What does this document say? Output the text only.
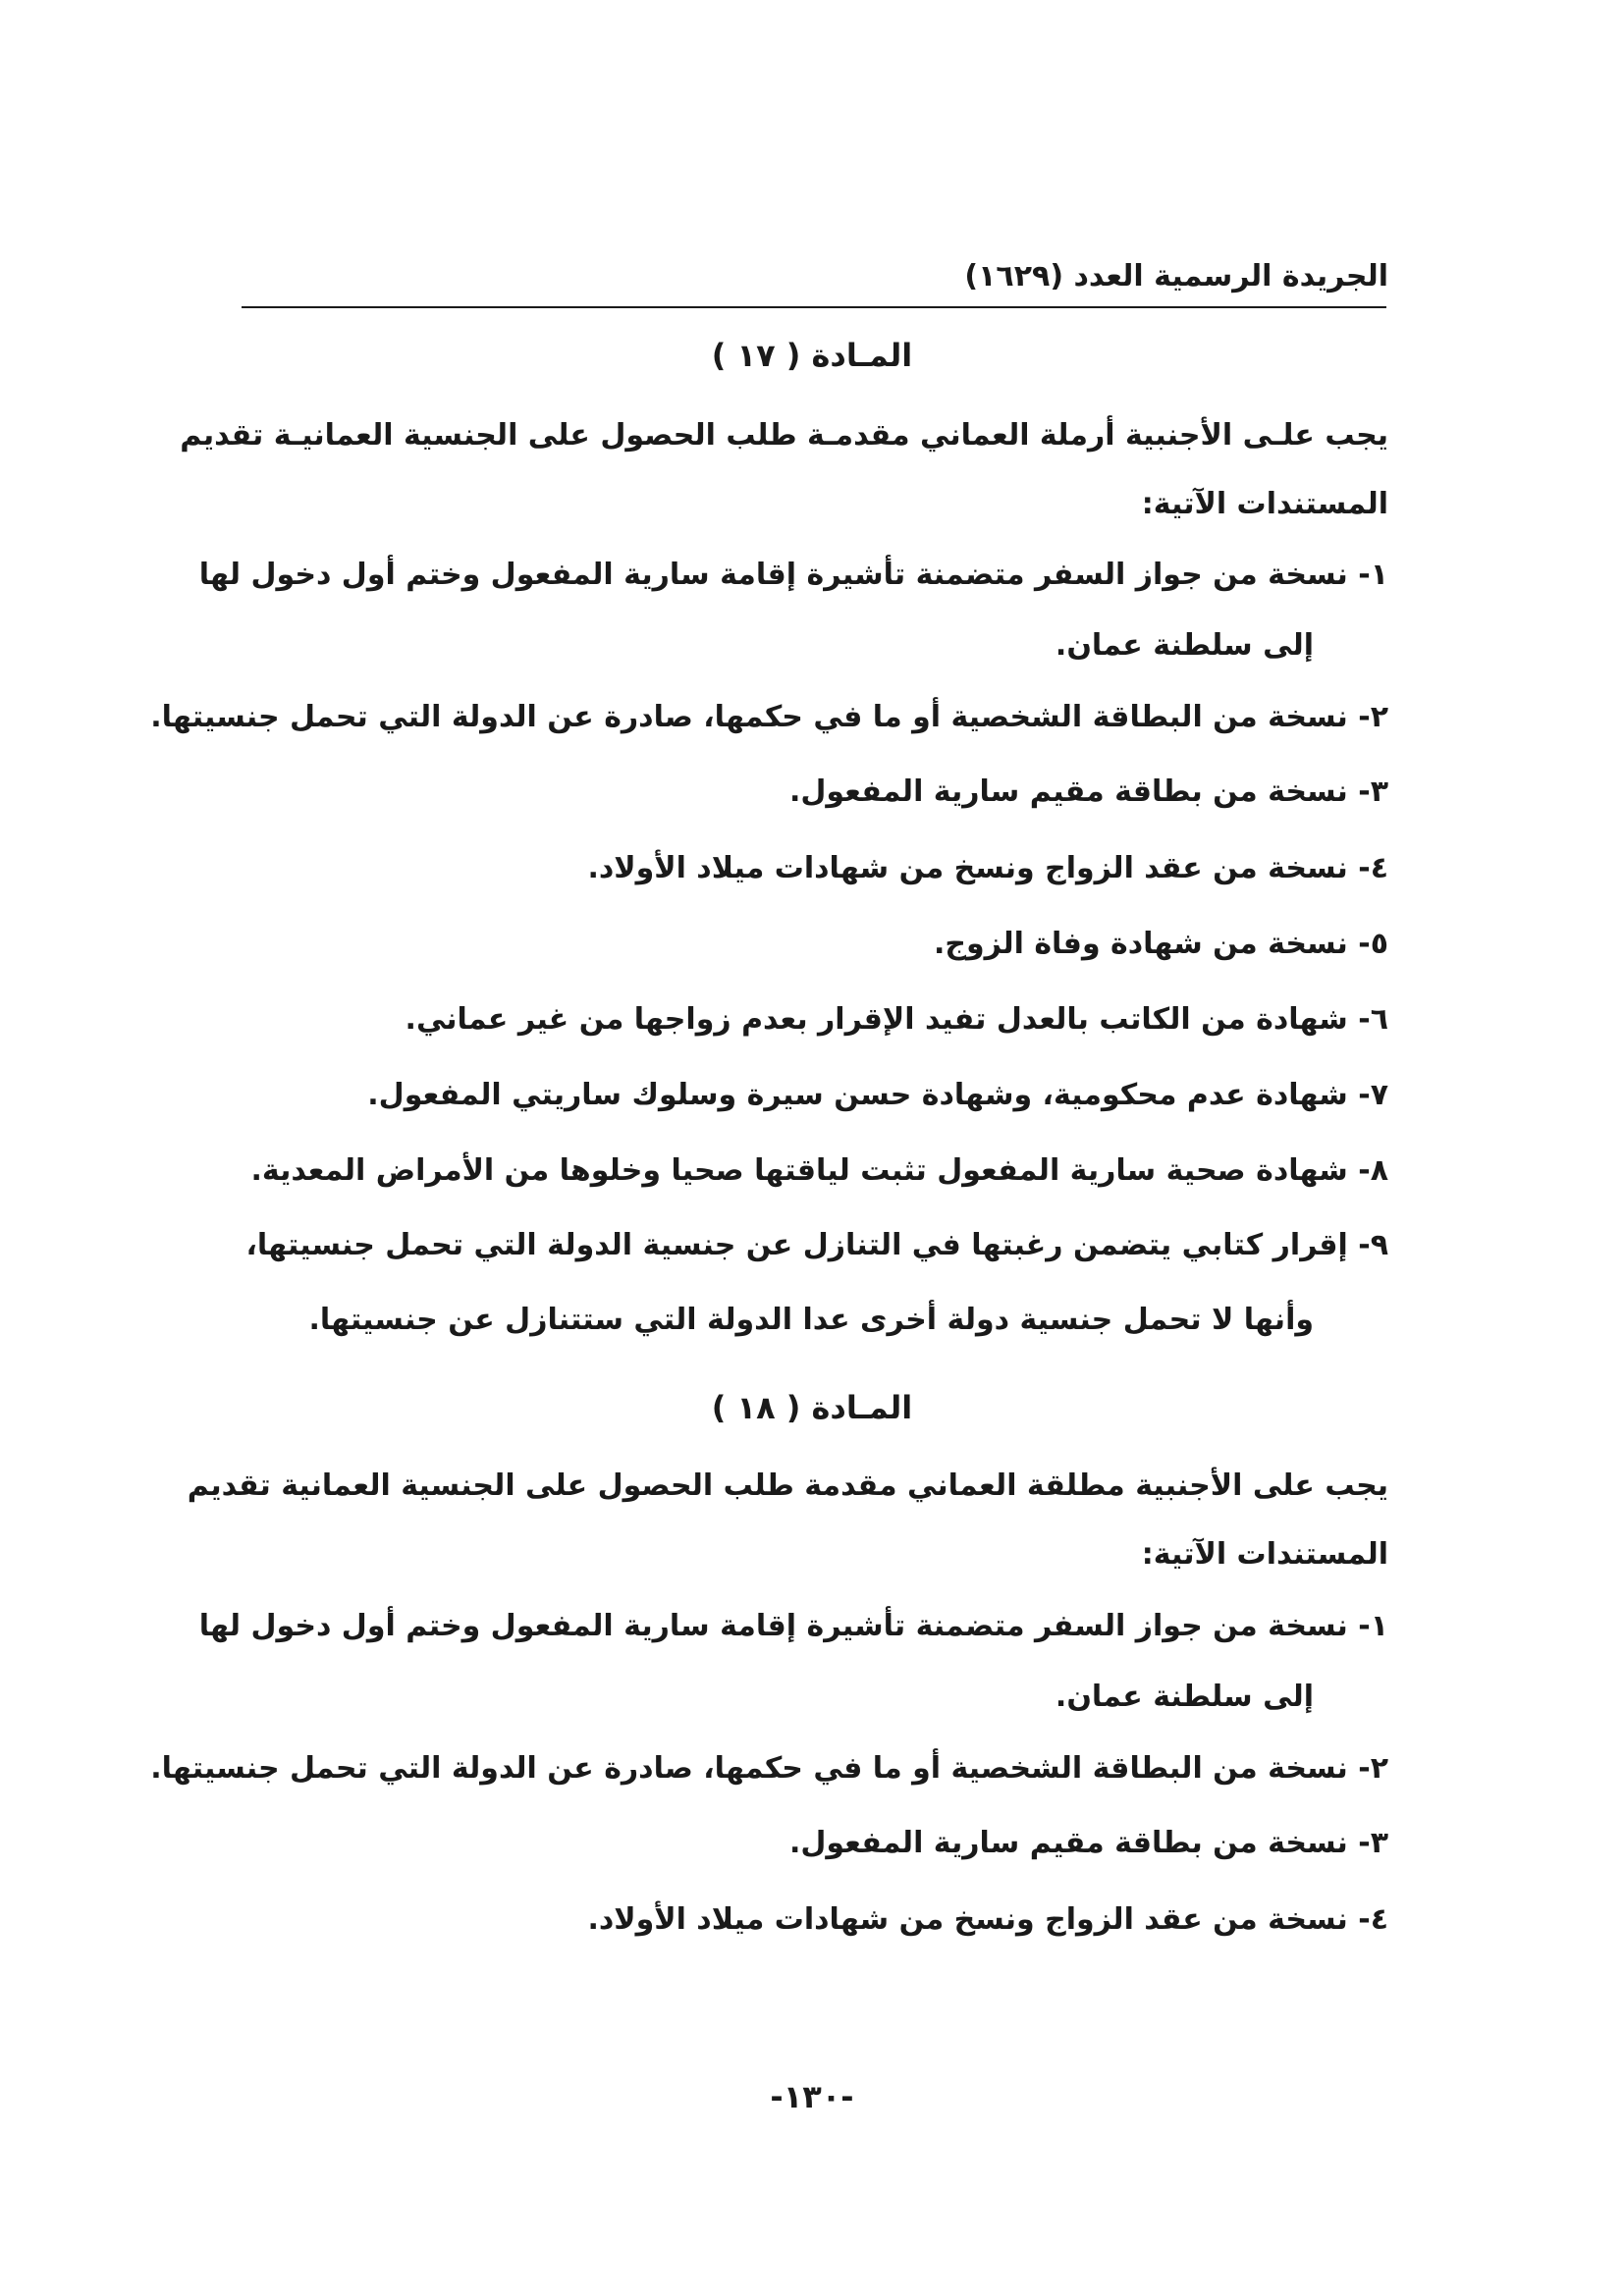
الجريدة الرسمية العدد (١٦٢٩)
المـادة ( ١٧ )
يجب علـى الأجنبية أرملة العماني مقدمـة طلب الحصول على الجنسية العمانيـة تقديم
المستندات الآتية:
١- نسخة من جواز السفر متضمنة تأشيرة إقامة سارية المفعول وختم أول دخول لها
إلى سلطنة عمان.
٢- نسخة من البطاقة الشخصية أو ما في حكمها، صادرة عن الدولة التي تحمل جنسيتها.
٣- نسخة من بطاقة مقيم سارية المفعول.
٤- نسخة من عقد الزواج ونسخ من شهادات ميلاد الأولاد.
٥- نسخة من شهادة وفاة الزوج.
٦- شهادة من الكاتب بالعدل تفيد الإقرار بعدم زواجها من غير عماني.
٧- شهادة عدم محكومية، وشهادة حسن سيرة وسلوك ساريتي المفعول.
٨- شهادة صحية سارية المفعول تثبت لياقتها صحيا وخلوها من الأمراض المعدية.
٩- إقرار كتابي يتضمن رغبتها في التنازل عن جنسية الدولة التي تحمل جنسيتها،
وأنها لا تحمل جنسية دولة أخرى عدا الدولة التي ستتنازل عن جنسيتها.
المـادة ( ١٨ )
يجب على الأجنبية مطلقة العماني مقدمة طلب الحصول على الجنسية العمانية تقديم
المستندات الآتية:
١- نسخة من جواز السفر متضمنة تأشيرة إقامة سارية المفعول وختم أول دخول لها
إلى سلطنة عمان.
٢- نسخة من البطاقة الشخصية أو ما في حكمها، صادرة عن الدولة التي تحمل جنسيتها.
٣- نسخة من بطاقة مقيم سارية المفعول.
٤- نسخة من عقد الزواج ونسخ من شهادات ميلاد الأولاد.
-١٣٠-
